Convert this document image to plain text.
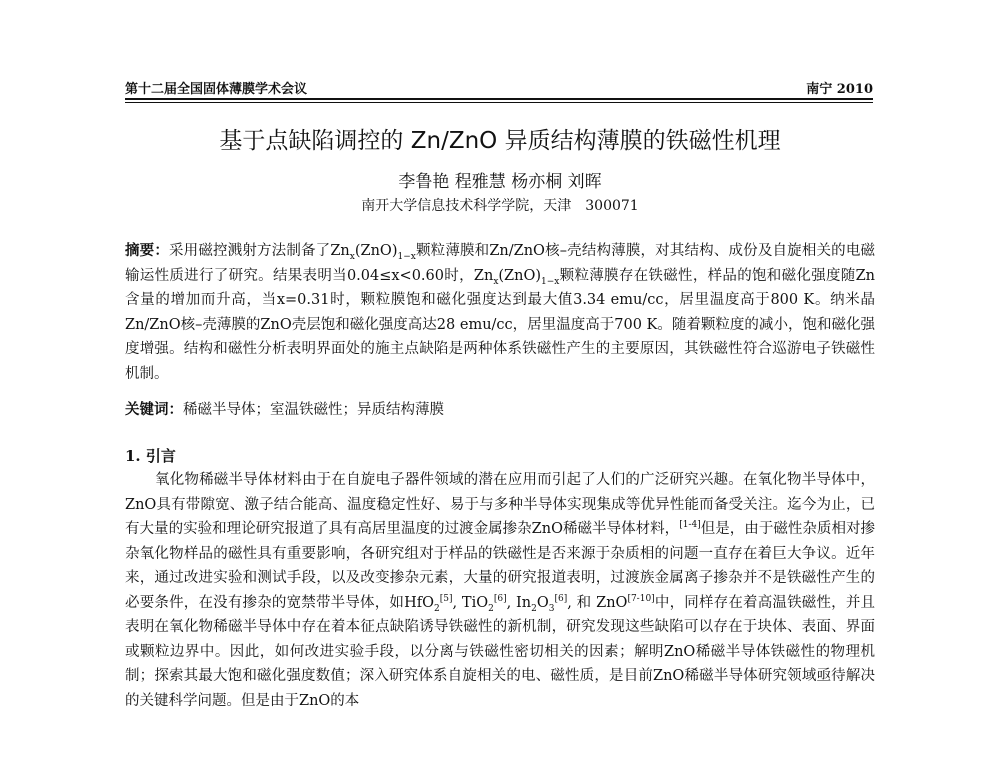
第十二届全国固体薄膜学术会议	南宁 2010
基于点缺陷调控的 Zn/ZnO 异质结构薄膜的铁磁性机理
李鲁艳 程雅慧 杨亦桐 刘晖
南开大学信息技术科学学院，天津　300071

摘要：采用磁控溅射方法制备了$Zn_x(ZnO)_{1-x}$颗粒薄膜和Zn/ZnO核–壳结构薄膜，对其结构、成份及自旋相关的电磁输运性质进行了研究。结果表明当0.04≤x<0.60时，$Zn_x(ZnO)_{1-x}$颗粒薄膜存在铁磁性，样品的饱和磁化强度随Zn含量的增加而升高，当x=0.31时，颗粒膜饱和磁化强度达到最大值3.34 emu/cc，居里温度高于800 K。纳米晶Zn/ZnO核–壳薄膜的ZnO壳层饱和磁化强度高达28 emu/cc，居里温度高于700 K。随着颗粒度的减小，饱和磁化强度增强。结构和磁性分析表明界面处的施主点缺陷是两种体系铁磁性产生的主要原因，其铁磁性符合巡游电子铁磁性机制。

关键词：稀磁半导体；室温铁磁性；异质结构薄膜

1. 引言

氧化物稀磁半导体材料由于在自旋电子器件领域的潜在应用而引起了人们的广泛研究兴趣。在氧化物半导体中，ZnO具有带隙宽、激子结合能高、温度稳定性好、易于与多种半导体实现集成等优异性能而备受关注。迄今为止，已有大量的实验和理论研究报道了具有高居里温度的过渡金属掺杂ZnO稀磁半导体材料，[1-4]但是，由于磁性杂质相对掺杂氧化物样品的磁性具有重要影响，各研究组对于样品的铁磁性是否来源于杂质相的问题一直存在着巨大争议。近年来，通过改进实验和测试手段，以及改变掺杂元素，大量的研究报道表明，过渡族金属离子掺杂并不是铁磁性产生的必要条件，在没有掺杂的宽禁带半导体，如HfO$_2$[5], TiO$_2$[6], $In_2O_3[6]$, 和 ZnO[7-10]中，同样存在着高温铁磁性，并且表明在氧化物稀磁半导体中存在着本征点缺陷诱导铁磁性的新机制，研究发现这些缺陷可以存在于块体、表面、界面或颗粒边界中。因此，如何改进实验手段，以分离与铁磁性密切相关的因素；解明ZnO稀磁半导体铁磁性的物理机制；探索其最大饱和磁化强度数值；深入研究体系自旋相关的电、磁性质，是目前ZnO稀磁半导体研究领域亟待解决的关键科学问题。但是由于ZnO的本
